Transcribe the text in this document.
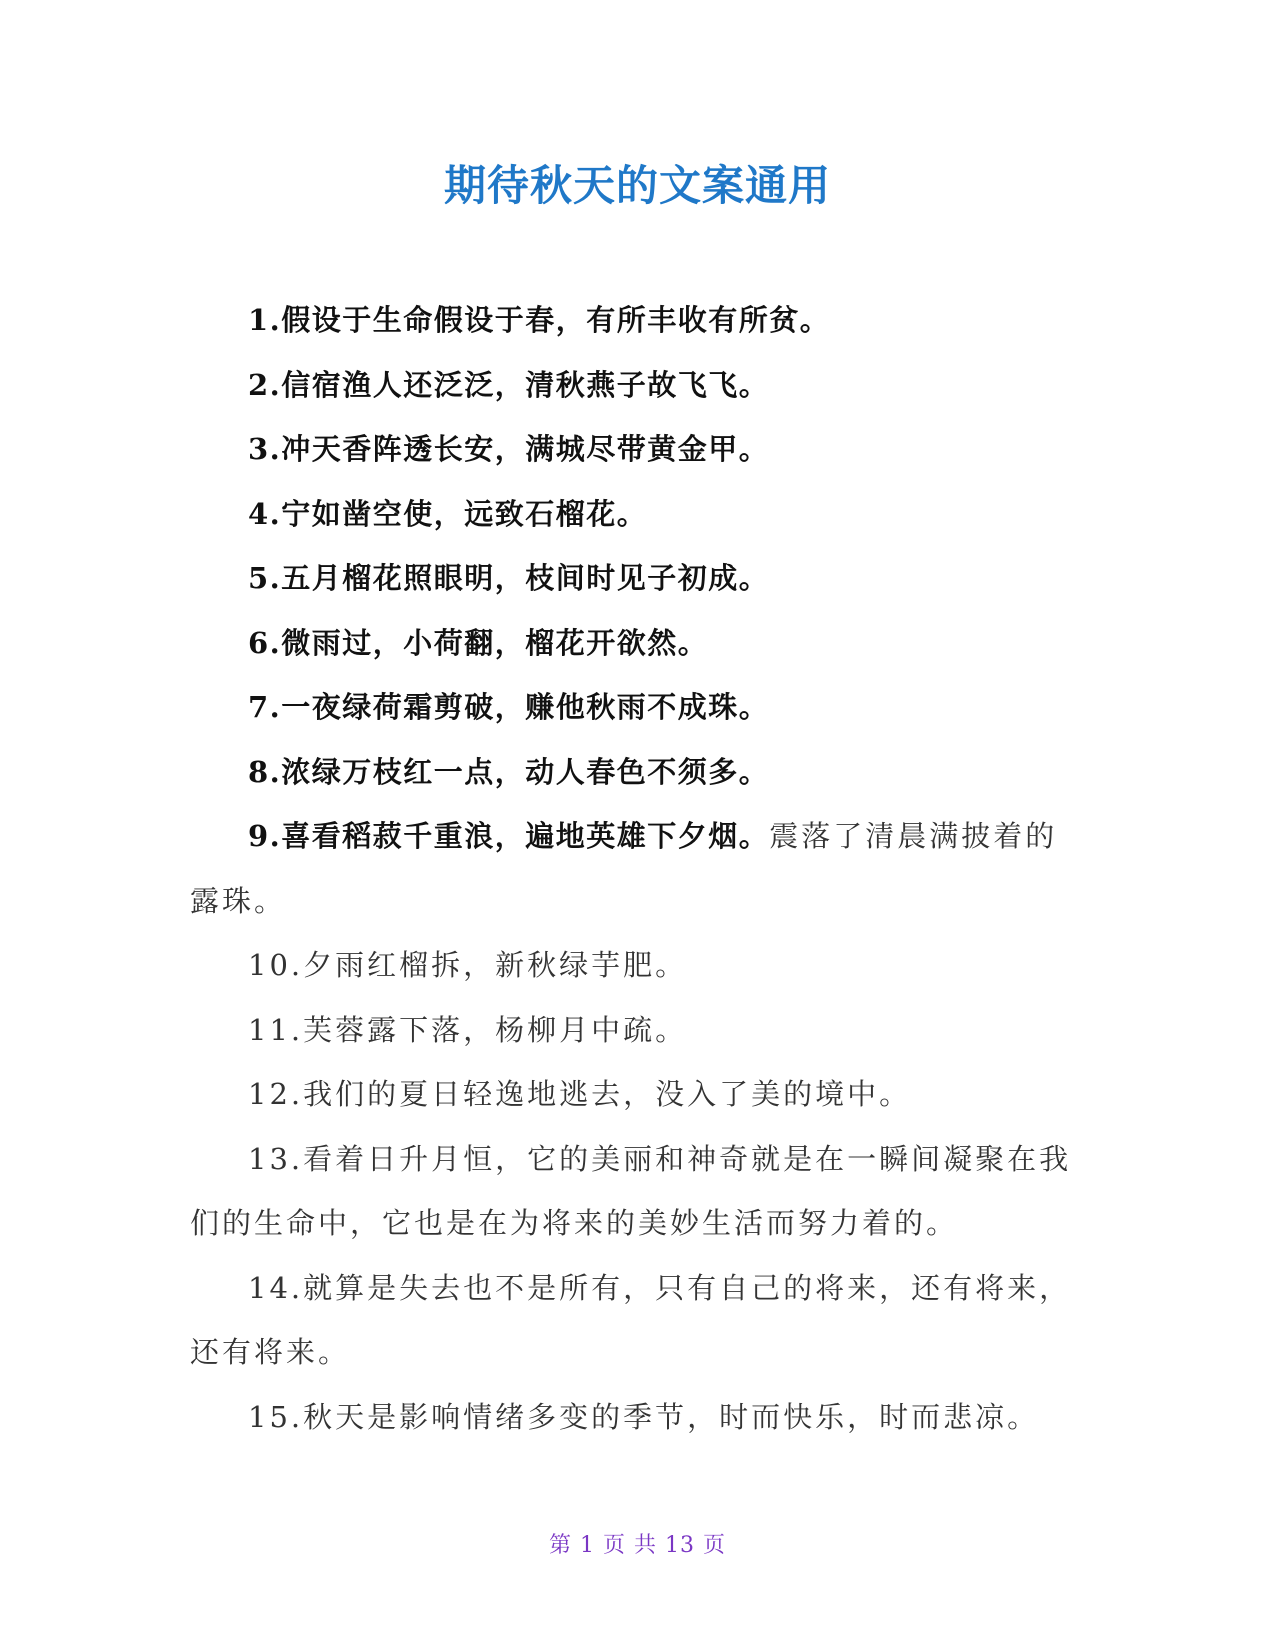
期待秋天的文案通用

1.假设于生命假设于春，有所丰收有所贫。

2.信宿渔人还泛泛，清秋燕子故飞飞。

3.冲天香阵透长安，满城尽带黄金甲。

4.宁如凿空使，远致石榴花。

5.五月榴花照眼明，枝间时见子初成。

6.微雨过，小荷翻，榴花开欲然。

7.一夜绿荷霜剪破，赚他秋雨不成珠。

8.浓绿万枝红一点，动人春色不须多。

9.喜看稻菽千重浪，遍地英雄下夕烟。震落了清晨满披着的露珠。

10.夕雨红榴拆，新秋绿芋肥。

11.芙蓉露下落，杨柳月中疏。

12.我们的夏日轻逸地逃去，没入了美的境中。

13.看着日升月恒，它的美丽和神奇就是在一瞬间凝聚在我们的生命中，它也是在为将来的美妙生活而努力着的。

14.就算是失去也不是所有，只有自己的将来，还有将来，还有将来。

15.秋天是影响情绪多变的季节，时而快乐，时而悲凉。

第 1 页 共 13 页
